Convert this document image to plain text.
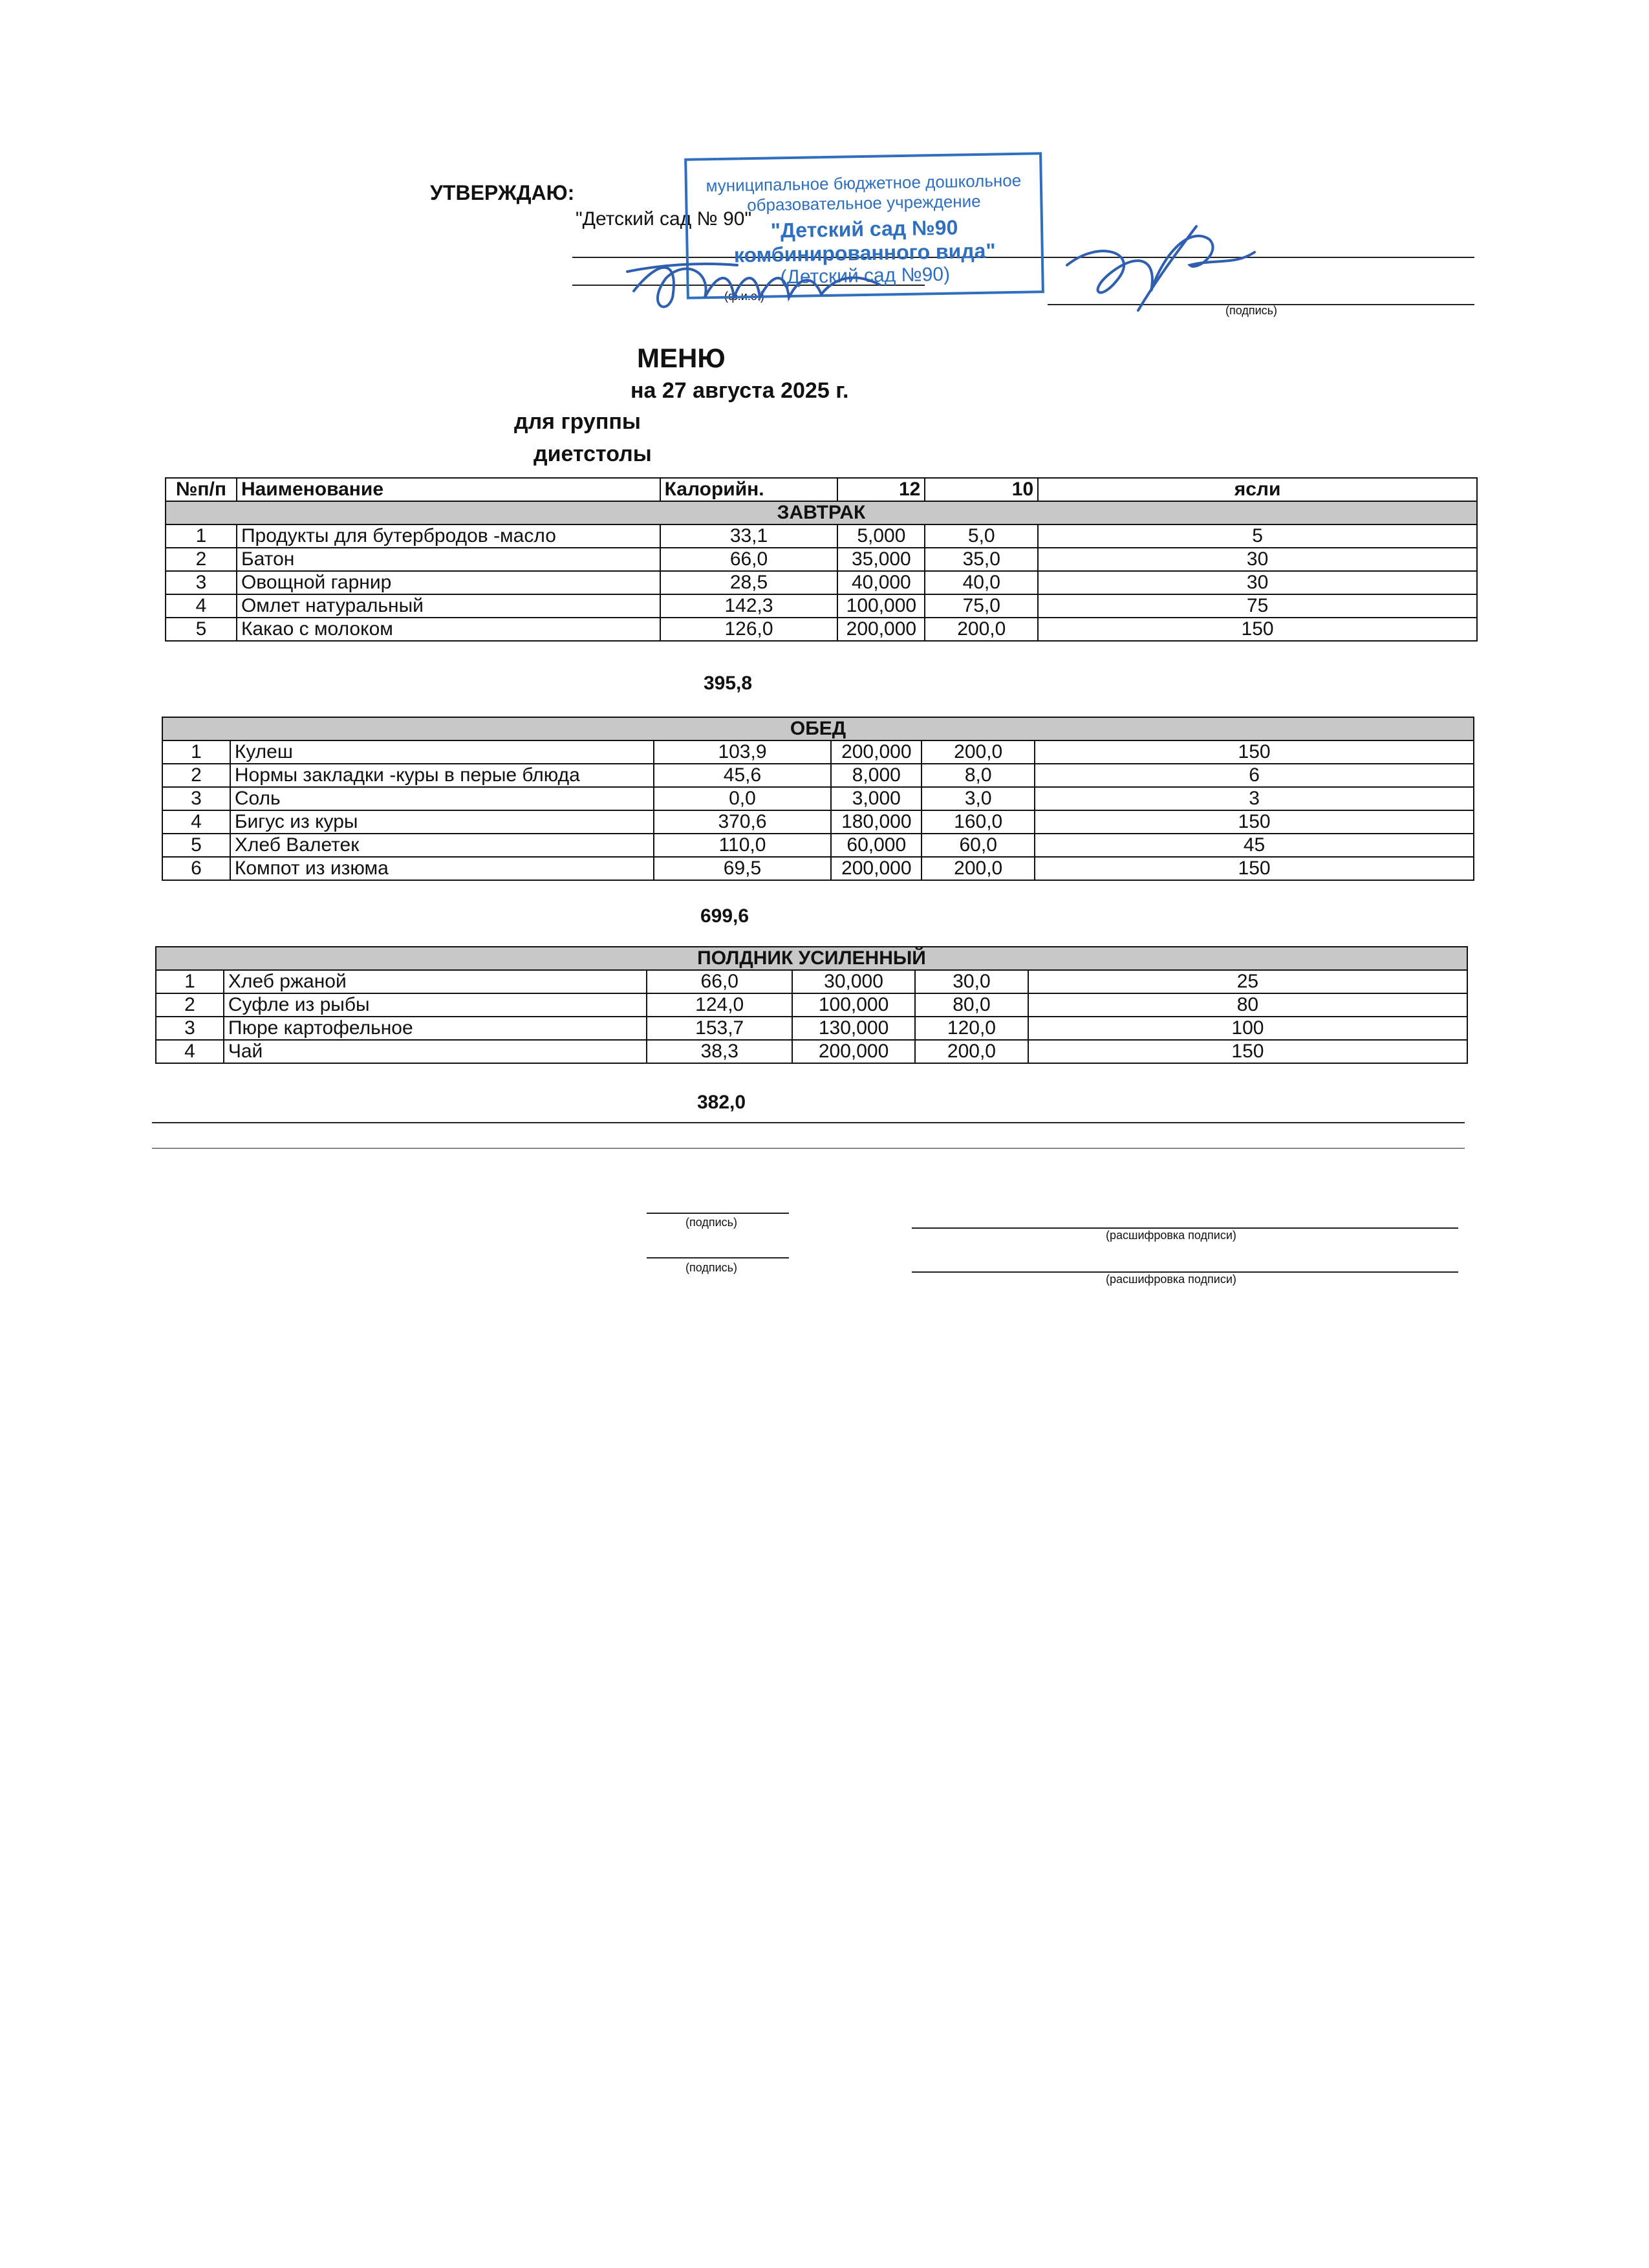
УТВЕРЖДАЮ:
"Детский сад № 90"
(ф.и.о.)
(подпись)
муниципальное бюджетное дошкольное
образовательное учреждение
"Детский сад №90
комбинированного вида"
(Детский сад №90)
МЕНЮ
на 27 августа 2025 г.
для группы
диетстолы
№п/п	Наименование	Калорийн.	12	10	ясли
ЗАВТРАК					
1	Продукты для бутербродов -масло	33,1	5,000	5,0	5
2	Батон	66,0	35,000	35,0	30
3	Овощной гарнир	28,5	40,000	40,0	30
4	Омлет натуральный	142,3	100,000	75,0	75
5	Какао с молоком	126,0	200,000	200,0	150
395,8
ОБЕД					
1	Кулеш	103,9	200,000	200,0	150
2	Нормы закладки -куры в перые блюда	45,6	8,000	8,0	6
3	Соль	0,0	3,000	3,0	3
4	Бигус из куры	370,6	180,000	160,0	150
5	Хлеб Валетек	110,0	60,000	60,0	45
6	Компот из изюма	69,5	200,000	200,0	150
699,6
ПОЛДНИК УСИЛЕННЫЙ					
1	Хлеб ржаной	66,0	30,000	30,0	25
2	Суфле из рыбы	124,0	100,000	80,0	80
3	Пюре картофельное	153,7	130,000	120,0	100
4	Чай	38,3	200,000	200,0	150
382,0
(подпись)
(расшифровка подписи)
(подпись)
(расшифровка подписи)
